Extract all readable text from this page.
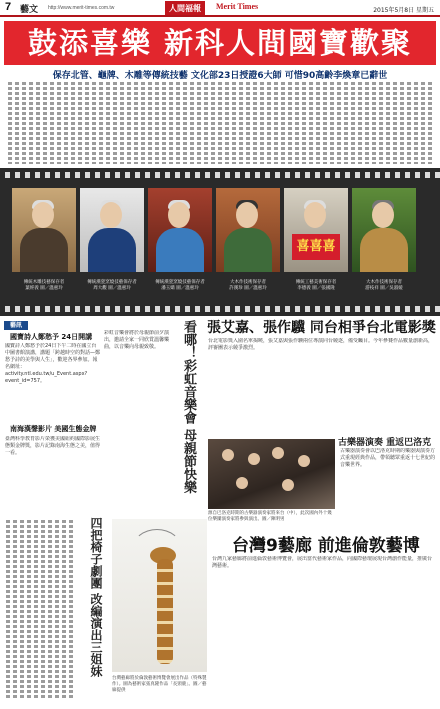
7 藝文 http://www.merit-times.com.tw	人間福報	Merit Times	2015年5月8日 星期五
鼓添喜樂 新科人間國寶歡聚
保存北管、龜牌、木雕等傳統技藝 文化部23日授證6大師 可惜90高齡李煥章已辭世
喜喜喜
傳統木雕技藝保存者
葉經義 圖／溫惠玲
傳統漢瓷窯燒技藝保存者
周大觀 圖／溫惠玲
傳統漢瓷窯燒技藝保存者
潘玉嬌 圖／溫惠玲
大木作技術保存者
許漢珍 圖／溫惠玲
傳統工藝美術保存者
李德義 圖／張國隆
大木作技術保存者
游枝祥 圖／吳淑媛
藝訊
國寶詩人鄭愁予 24日開講
國寶詩人鄭愁予於24日下午二時在國立台中圖書館演講，講題「跨越時空的對話—鄭愁予詩的美學與人生」，歡迎各界參加。報名網址：activity.ntl.edu.tw/u_Event.aspx?event_id=757。
南海漢聲影片 美國生態金牌
臺灣科學教育影片榮獲美國紐約國際影展生態類金牌獎，影片記錄南海生態之美，值得一看。
四把椅子劇團 改編演出三姐妹
看哪！彩虹音樂會 母親節快樂
彩虹音樂會將於母親節前夕演出，邀請全家一同欣賞溫馨樂曲，以音樂向母親致敬。
張艾嘉、張作驥 同台相爭台北電影獎
台北電影獎入圍名單揭曉，張艾嘉與張作驥兩位導演同台競逐，備受矚目。今年參賽作品數量創新高，評審團表示競爭激烈。
古樂器演奏 重返巴洛克
源自巴洛克時期的古樂器演奏家將來台（中），此次國內外十幾位樂團演奏家將參與演出。圖／陳明男
古樂器演奏會以巴洛克時期的樂器與演奏方式重現經典作品，帶領聽眾重返十七世紀的音樂世界。
台灣9藝廊 前進倫敦藝博
台灣藝廊將於倫敦藝術博覽會展出作品（特殊製作）。圖為藝術家張真隆作品「長頸鹿」。圖／藝廊提供
台灣九家藝廊將前進倫敦藝術博覽會，展出當代藝術家作品，向國際藝壇展現台灣創作能量，推廣台灣藝術。
